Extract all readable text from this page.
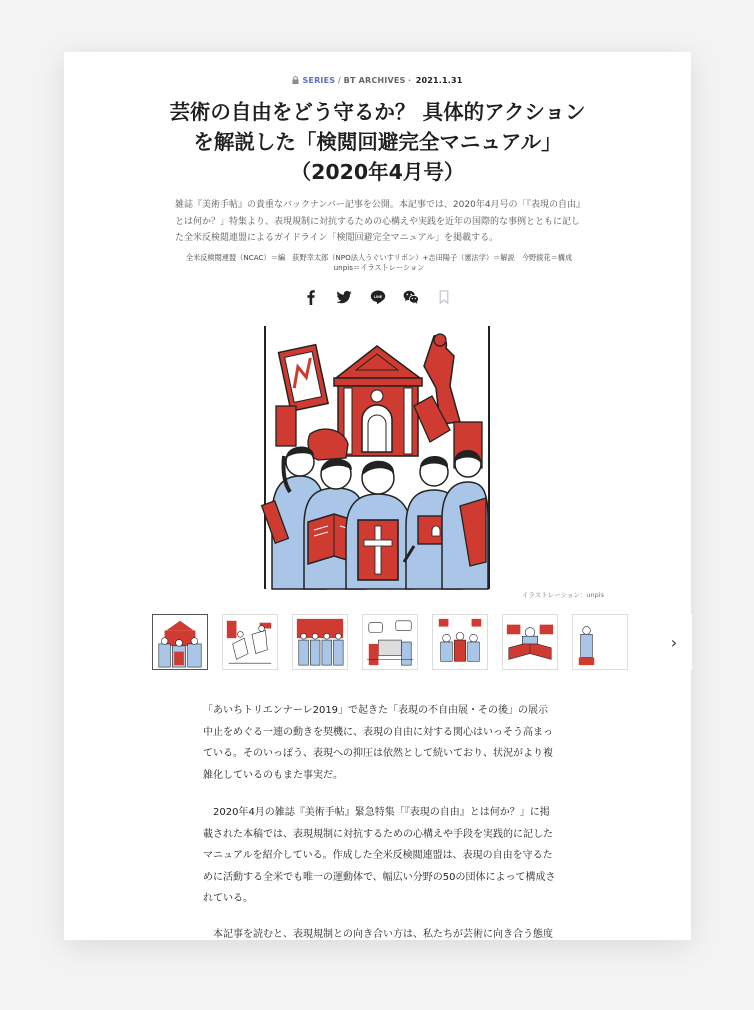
SERIES / BT ARCHIVES・ 2021.1.31
芸術の自由をどう守るか？ 具体的アクション
を解説した「検閲回避完全マニュアル」
（2020年4月号）
雑誌『美術手帖』の貴重なバックナンバー記事を公開。本記事では、2020年4月号の「『表現の自由』
とは何か？」特集より、表現規制に対抗するための心構えや実践を近年の国際的な事例とともに記し
た全米反検閲連盟によるガイドライン「検閲回避完全マニュアル」を掲載する。
全米反検閲連盟（NCAC）＝編　荻野幸太郎（NPO法人うぐいすリボン）+志田陽子（憲法学）＝解説　今野綾花＝構成
unpis＝イラストレーション

LINE

イラストレーション：unpis
›
「あいちトリエンナーレ2019」で起きた「表現の不自由展・その後」の展示
中止をめぐる一連の動きを契機に、表現の自由に対する関心はいっそう高まっ
ている。そのいっぽう、表現への抑圧は依然として続いており、状況がより複
雑化しているのもまた事実だ。
　2020年4月の雑誌『美術手帖』緊急特集「『表現の自由』とは何か？」に掲
載された本稿では、表現規制に対抗するための心構えや手段を実践的に記した
マニュアルを紹介している。作成した全米反検閲連盟は、表現の自由を守るた
めに活動する全米でも唯一の運動体で、幅広い分野の50の団体によって構成さ
れている。
　本記事を読むと、表現規制との向き合い方は、私たちが芸術に向き合う態度
